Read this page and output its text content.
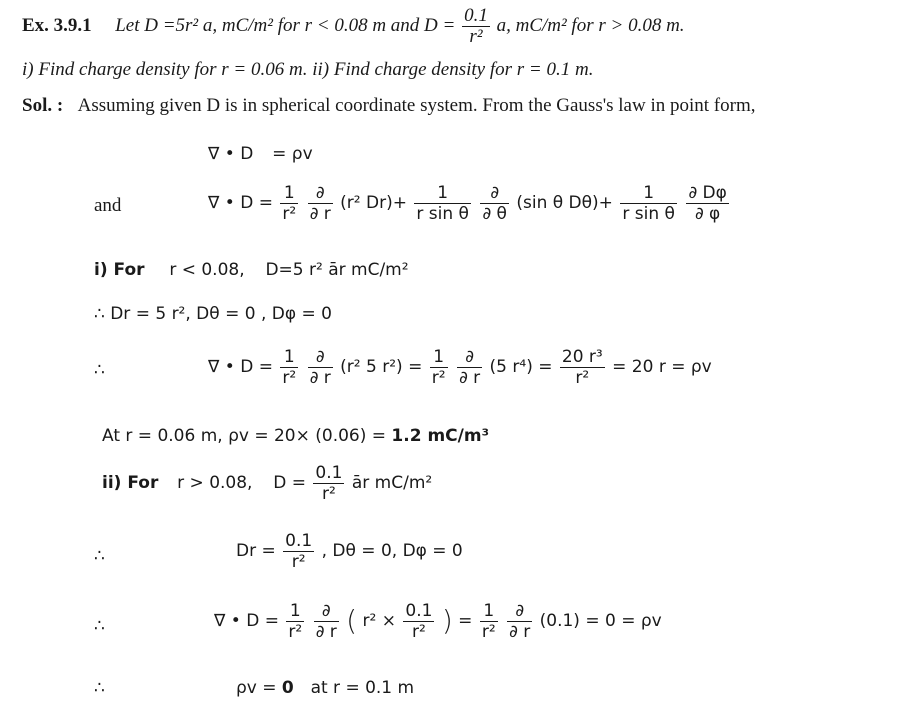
Ex. 3.9.1 Let D =5r² a, mC/m² for r < 0.08 m and $D = \frac{0.1}{\text{r²}} a$, mC/m² for r > 0.08 m.
i) Find charge density for r = 0.06 m. ii) Find charge density for r = 0.1 m.
Sol. : Assuming given D is in spherical coordinate system. From the Gauss's law in point form,
∇ • D = ρv
and	∇ • $D = \frac{1}{\text{r²}}$
$\frac{\partial}{\partial r} (r^2$ $Dr)+ \frac{1}{\text{r sin θ}}$
$\frac{\partial}{\partial \theta} (\sin$ θ $D\theta)+ \frac{1}{\text{r sin θ}}$
$\frac{\partial D\varphi}{\partial \varphi}$
i) For r < 0.08, D=5 r² ār mC/m²
∴ Dr = 5 r², Dθ = 0 , Dφ = 0
∴	∇ • $D = \frac{1}{\text{r²}}$
$\frac{\partial}{\partial r} (r^2$ 5 $r^2) = \frac{1}{\text{r²}}$
$\frac{\partial}{\partial r} (5$ $r^4) = \frac{\text{20 r³}}{\text{r²}} = 20$ r = ρv
At r = 0.06 m, ρv = 20× (0.06) = 1.2 mC/m³
ii) For r > 0.08, $D = \frac{0.1}{\text{r²}}$ ār mC/m²
∴	$Dr = \frac{0.1}{\text{r²}}$ , Dθ = 0, Dφ = 0
∴	∇ • $D = \frac{1}{\text{r²}}$
$\frac{\partial}{\partial r}$ ( $r^2 \times \frac{0.1}{\text{r²}}$ ) = $\frac{1}{\text{r²}}$
$\frac{\partial}{\partial r} (0.1) = 0 = \rho v$
∴	ρv = 0 at r = 0.1 m
